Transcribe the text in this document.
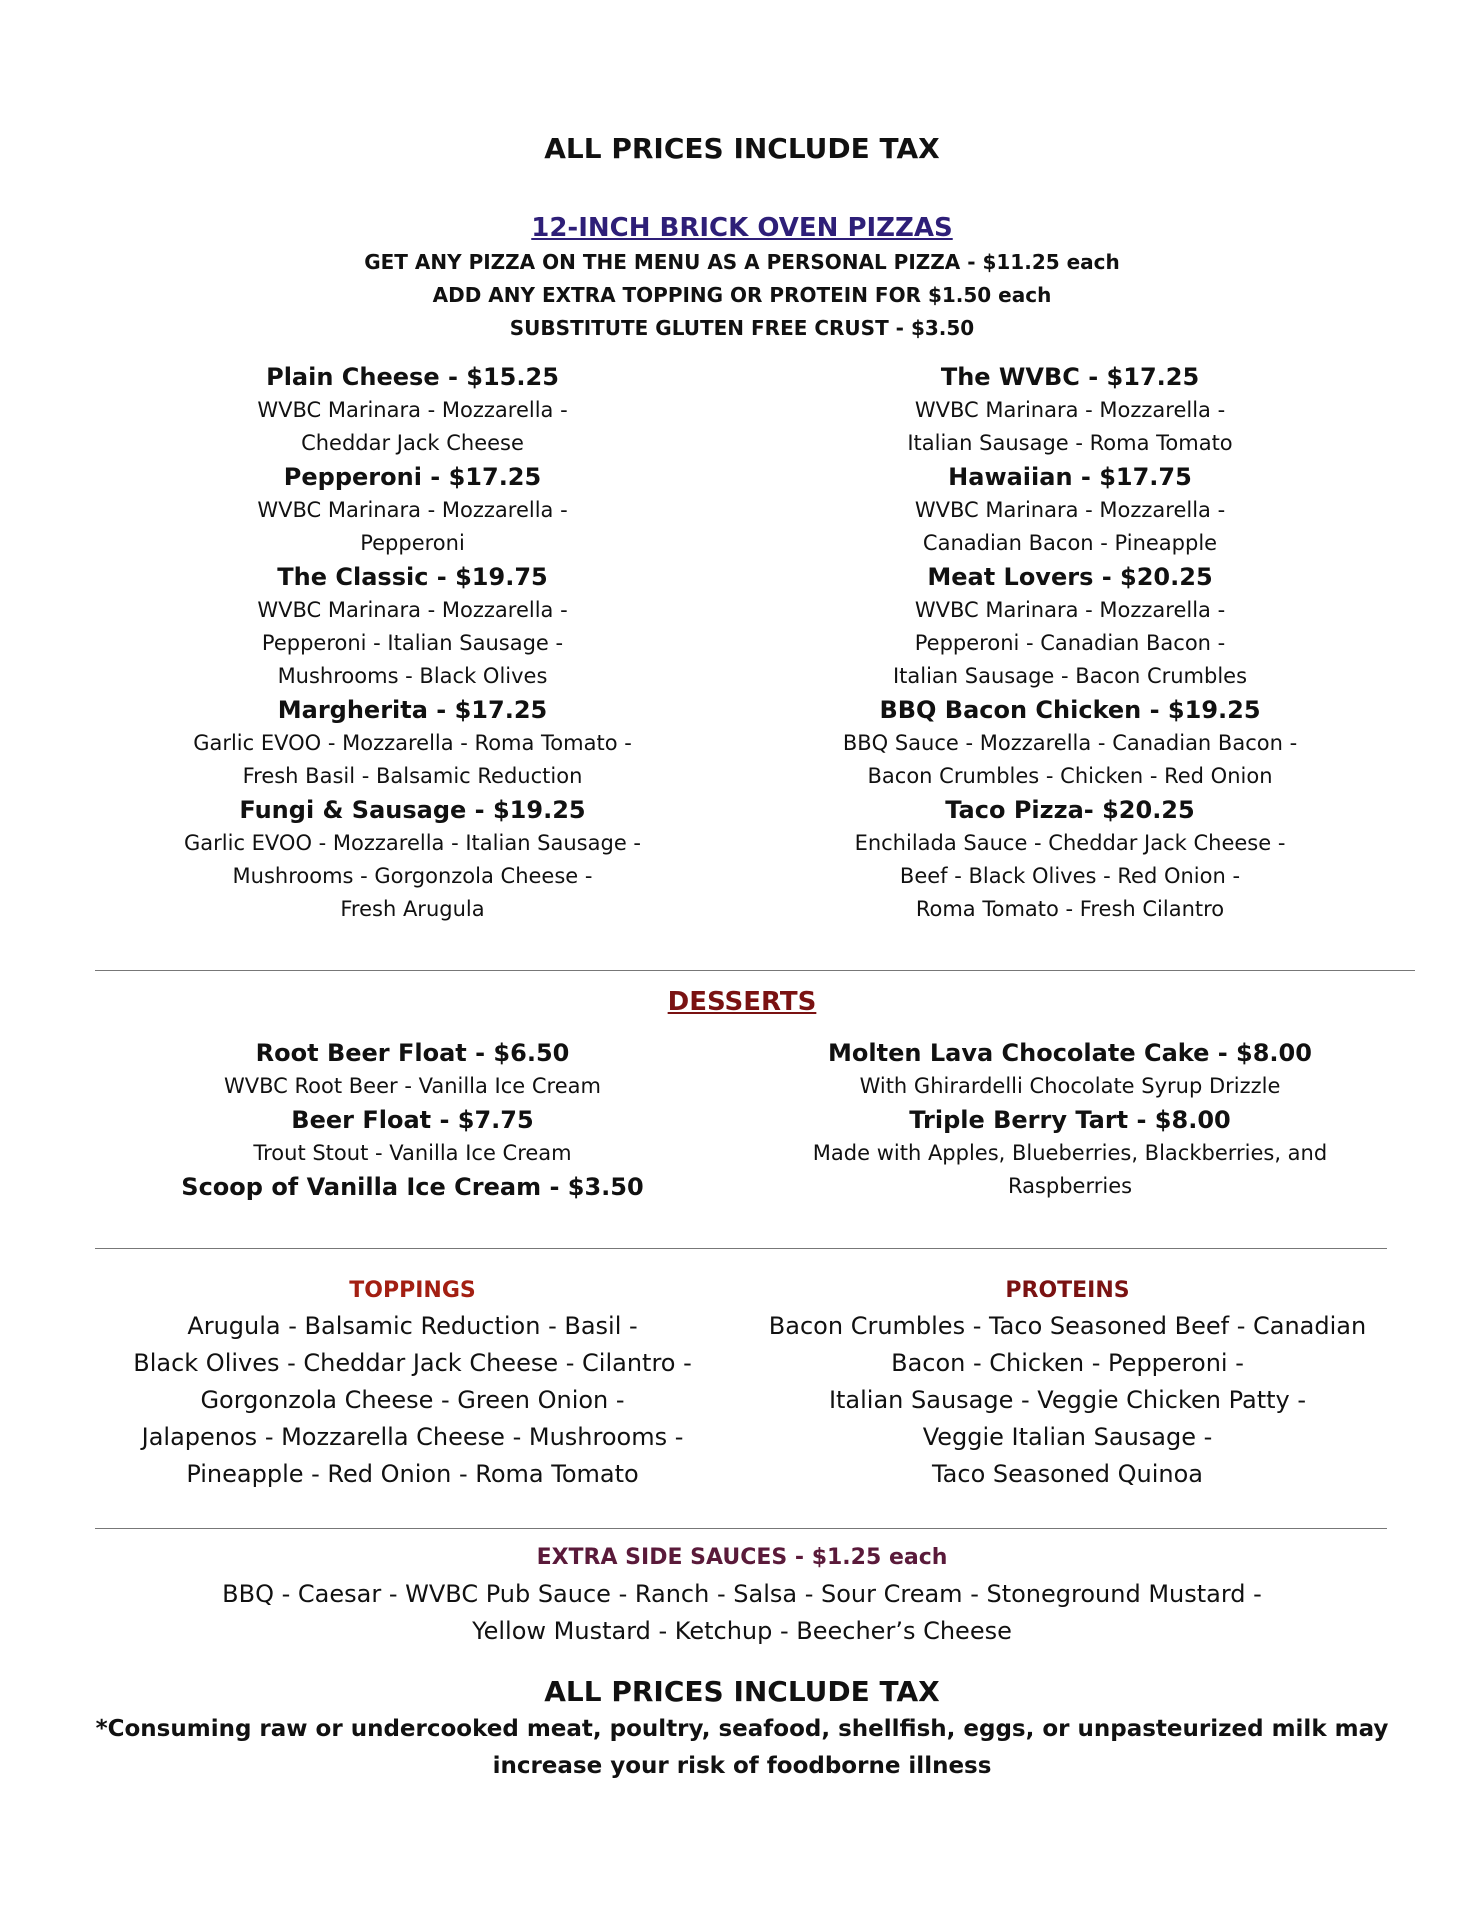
ALL PRICES INCLUDE TAX
12-INCH BRICK OVEN PIZZAS

GET ANY PIZZA ON THE MENU AS A PERSONAL PIZZA - $11.25 each

ADD ANY EXTRA TOPPING OR PROTEIN FOR $1.50 each

SUBSTITUTE GLUTEN FREE CRUST - $3.50

Plain Cheese - $15.25
WVBC Marinara - Mozzarella -
Cheddar Jack Cheese
Pepperoni - $17.25
WVBC Marinara - Mozzarella -
Pepperoni
The Classic - $19.75
WVBC Marinara - Mozzarella -
Pepperoni - Italian Sausage -
Mushrooms - Black Olives
Margherita - $17.25
Garlic EVOO - Mozzarella - Roma Tomato -
Fresh Basil - Balsamic Reduction
Fungi & Sausage - $19.25
Garlic EVOO - Mozzarella - Italian Sausage -
Mushrooms - Gorgonzola Cheese -
Fresh Arugula
The WVBC - $17.25
WVBC Marinara - Mozzarella -
Italian Sausage - Roma Tomato
Hawaiian - $17.75
WVBC Marinara - Mozzarella -
Canadian Bacon - Pineapple
Meat Lovers - $20.25
WVBC Marinara - Mozzarella -
Pepperoni - Canadian Bacon -
Italian Sausage - Bacon Crumbles
BBQ Bacon Chicken - $19.25
BBQ Sauce - Mozzarella - Canadian Bacon -
Bacon Crumbles - Chicken - Red Onion
Taco Pizza- $20.25
Enchilada Sauce - Cheddar Jack Cheese -
Beef - Black Olives - Red Onion -
Roma Tomato - Fresh Cilantro
DESSERTS
Root Beer Float - $6.50
WVBC Root Beer - Vanilla Ice Cream
Beer Float - $7.75
Trout Stout - Vanilla Ice Cream
Scoop of Vanilla Ice Cream - $3.50
Molten Lava Chocolate Cake - $8.00
With Ghirardelli Chocolate Syrup Drizzle
Triple Berry Tart - $8.00
Made with Apples, Blueberries, Blackberries, and
Raspberries
TOPPINGS
Arugula - Balsamic Reduction - Basil -
Black Olives - Cheddar Jack Cheese - Cilantro -
Gorgonzola Cheese - Green Onion -
Jalapenos - Mozzarella Cheese - Mushrooms -
Pineapple - Red Onion - Roma Tomato
PROTEINS
Bacon Crumbles - Taco Seasoned Beef - Canadian
Bacon - Chicken - Pepperoni -
Italian Sausage - Veggie Chicken Patty -
Veggie Italian Sausage -
Taco Seasoned Quinoa
EXTRA SIDE SAUCES - $1.25 each
BBQ - Caesar - WVBC Pub Sauce - Ranch - Salsa - Sour Cream - Stoneground Mustard -
Yellow Mustard - Ketchup - Beecher’s Cheese
ALL PRICES INCLUDE TAX
*Consuming raw or undercooked meat, poultry, seafood, shellfish, eggs, or unpasteurized milk may
increase your risk of foodborne illness
